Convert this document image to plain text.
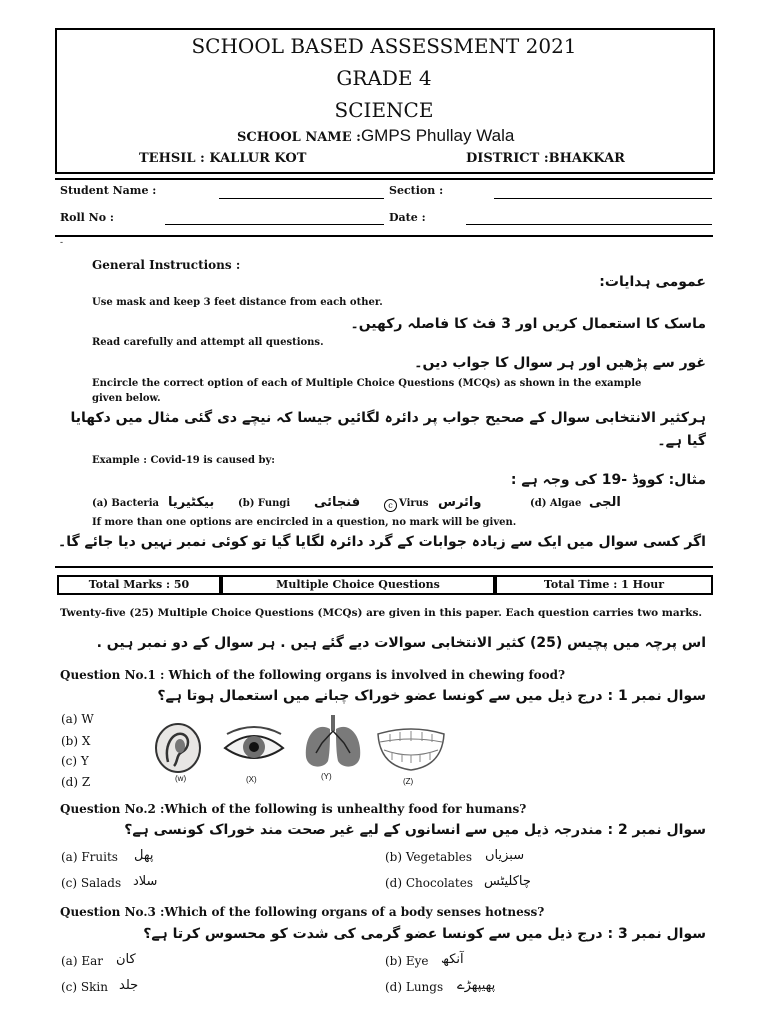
SCHOOL BASED ASSESSMENT 2021
GRADE 4
SCIENCE
SCHOOL NAME :GMPS Phullay Wala
TEHSIL : KALLUR KOT	DISTRICT :BHAKKAR
Student Name :	Section :
Roll No :	Date :
-
General Instructions :
عمومی ہدایات:
Use mask and keep 3 feet distance from each other.
ماسک کا استعمال کریں اور 3 فٹ کا فاصلہ رکھیں۔
Read carefully and attempt all questions.
غور سے پڑھیں اور ہر سوال کا جواب دیں۔
Encircle the correct option of each of Multiple Choice Questions (MCQs) as shown in the example given below.
ہرکثیر الانتخابی سوال کے صحیح جواب پر دائرہ لگائیں جیسا کہ نیچے دی گئی مثال میں دکھایا
گیا ہے۔
Example : Covid-19 is caused by:
مثال: کووڈ -19 کی وجہ ہے :
(a) Bacteria بیکٹیریا (b) Fungi فنجائی	c Virus وائرس	(d) Algae الجی
If more than one options are encircled in a question, no mark will be given.
اگر کسی سوال میں ایک سے زیادہ جوابات کے گرد دائرہ لگایا گیا تو کوئی نمبر نہیں دیا جائے گا۔
Total Marks : 50	Multiple Choice Questions	Total Time : 1 Hour
Twenty-five (25) Multiple Choice Questions (MCQs) are given in this paper. Each question carries two marks.
اس پرچہ میں پچیس (25) کثیر الانتخابی سوالات دیے گئے ہیں . ہر سوال کے دو نمبر ہیں .
Question No.1 : Which of the following organs is involved in chewing food?
سوال نمبر 1 : درج ذیل میں سے کونسا عضو خوراک چبانے میں استعمال ہوتا ہے؟
(a) W
(b) X
(c) Y
(d) Z	(w)	(X)	(Y)
(Z)
Question No.2 :Which of the following is unhealthy food for humans?
سوال نمبر 2 : مندرجہ ذیل میں سے انسانوں کے لیے غیر صحت مند خوراک کونسی ہے؟
(a) Fruits پھل	(b) Vegetables سبزیاں
(c) Salads سلاد	(d) Chocolates چاکلیٹس
Question No.3 :Which of the following organs of a body senses hotness?
سوال نمبر 3 : درج ذیل میں سے کونسا عضو گرمی کی شدت کو محسوس کرتا ہے؟
(a) Ear کان	(b) Eye آنکھ
(c) Skin جلد	(d) Lungs پھیپھڑے
